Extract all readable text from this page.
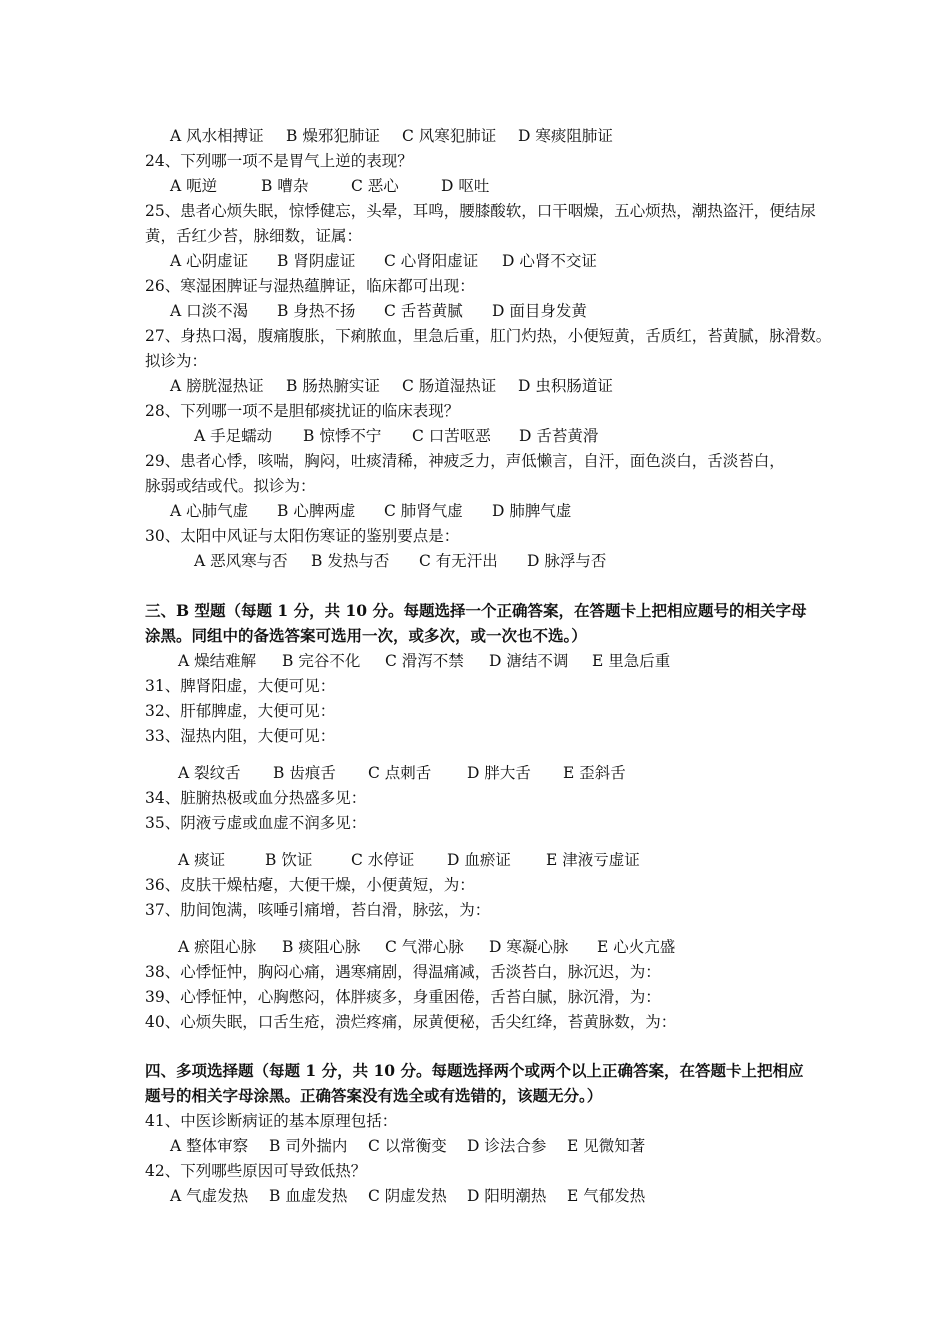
A 风水相搏证 B 燥邪犯肺证 C 风寒犯肺证 D 寒痰阻肺证
24、下列哪一项不是胃气上逆的表现？
A 呃逆	B 嘈杂	C 恶心	D 呕吐
25、患者心烦失眠，惊悸健忘，头晕，耳鸣，腰膝酸软，口干咽燥，五心烦热，潮热盗汗，便结尿
黄，舌红少苔，脉细数，证属：
A 心阴虚证 B 肾阴虚证 C 心肾阳虚证 D 心肾不交证
26、寒湿困脾证与湿热蕴脾证，临床都可出现：
A 口淡不渴 B 身热不扬 C 舌苔黄腻 D 面目身发黄
27、身热口渴，腹痛腹胀，下痢脓血，里急后重，肛门灼热，小便短黄，舌质红，苔黄腻，脉滑数。
拟诊为：
A 膀胱湿热证 B 肠热腑实证 C 肠道湿热证 D 虫积肠道证
28、下列哪一项不是胆郁痰扰证的临床表现？
A 手足蠕动 B 惊悸不宁 C 口苦呕恶 D 舌苔黄滑
29、患者心悸，咳喘，胸闷，吐痰清稀，神疲乏力，声低懒言，自汗，面色淡白，舌淡苔白，
脉弱或结或代。拟诊为：
A 心肺气虚 B 心脾两虚 C 肺肾气虚 D 肺脾气虚
30、太阳中风证与太阳伤寒证的鉴别要点是：
A 恶风寒与否 B 发热与否 C 有无汗出 D 脉浮与否
三、B 型题（每题 1 分，共 10 分。每题选择一个正确答案，在答题卡上把相应题号的相关字母
涂黑。同组中的备选答案可选用一次，或多次，或一次也不选。）
A 燥结难解 B 完谷不化 C 滑泻不禁 D 溏结不调 E 里急后重
31、脾肾阳虚，大便可见：
32、肝郁脾虚，大便可见：
33、湿热内阻，大便可见：
A 裂纹舌 B 齿痕舌 C 点刺舌 D 胖大舌 E 歪斜舌
34、脏腑热极或血分热盛多见：
35、阴液亏虚或血虚不润多见：
A 痰证	B 饮证 C 水停证 D 血瘀证 E 津液亏虚证
36、皮肤干燥枯瘪，大便干燥，小便黄短，为：
37、肋间饱满，咳唾引痛增，苔白滑，脉弦，为：
A 瘀阻心脉 B 痰阻心脉 C 气滞心脉 D 寒凝心脉 E 心火亢盛
38、心悸怔忡，胸闷心痛，遇寒痛剧，得温痛减，舌淡苔白，脉沉迟，为：
39、心悸怔忡，心胸憋闷，体胖痰多，身重困倦，舌苔白腻，脉沉滑，为：
40、心烦失眠，口舌生疮，溃烂疼痛，尿黄便秘，舌尖红绛，苔黄脉数，为：
四、多项选择题（每题 1 分，共 10 分。每题选择两个或两个以上正确答案，在答题卡上把相应
题号的相关字母涂黑。正确答案没有选全或有选错的，该题无分。）
41、中医诊断病证的基本原理包括：
A 整体审察 B 司外揣内 C 以常衡变 D 诊法合参 E 见微知著
42、下列哪些原因可导致低热？
A 气虚发热 B 血虚发热 C 阴虚发热 D 阳明潮热 E 气郁发热
